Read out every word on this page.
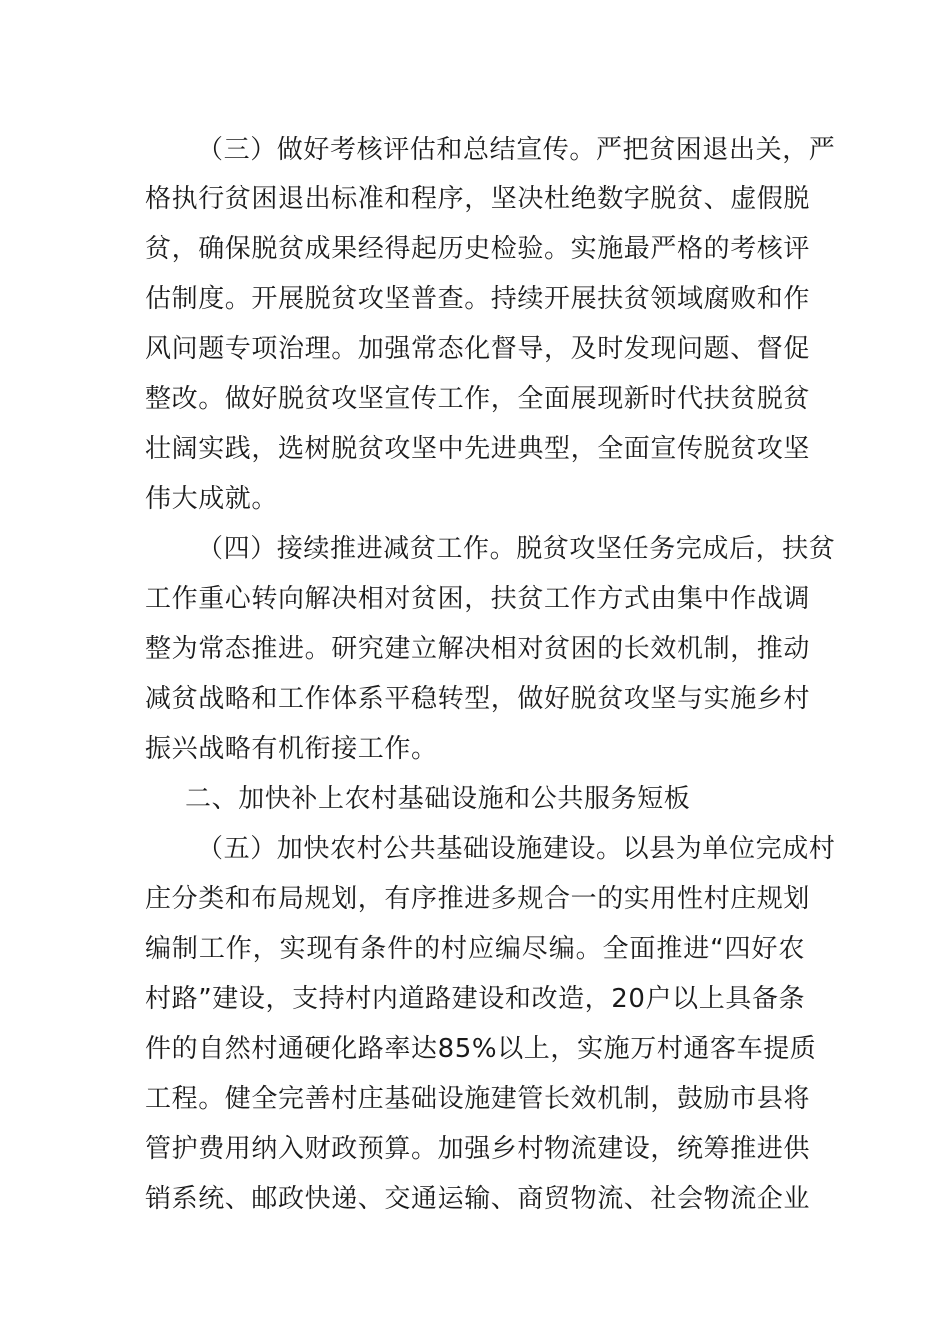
（三）做好考核评估和总结宣传。严把贫困退出关，严
格执行贫困退出标准和程序，坚决杜绝数字脱贫、虚假脱
贫，确保脱贫成果经得起历史检验。实施最严格的考核评
估制度。开展脱贫攻坚普查。持续开展扶贫领域腐败和作
风问题专项治理。加强常态化督导，及时发现问题、督促
整改。做好脱贫攻坚宣传工作，全面展现新时代扶贫脱贫
壮阔实践，选树脱贫攻坚中先进典型，全面宣传脱贫攻坚
伟大成就。
（四）接续推进减贫工作。脱贫攻坚任务完成后，扶贫
工作重心转向解决相对贫困，扶贫工作方式由集中作战调
整为常态推进。研究建立解决相对贫困的长效机制，推动
减贫战略和工作体系平稳转型，做好脱贫攻坚与实施乡村
振兴战略有机衔接工作。
二、加快补上农村基础设施和公共服务短板
（五）加快农村公共基础设施建设。以县为单位完成村
庄分类和布局规划，有序推进多规合一的实用性村庄规划
编制工作，实现有条件的村应编尽编。全面推进“四好农
村路”建设，支持村内道路建设和改造，20户以上具备条
件的自然村通硬化路率达85%以上，实施万村通客车提质
工程。健全完善村庄基础设施建管长效机制，鼓励市县将
管护费用纳入财政预算。加强乡村物流建设，统筹推进供
销系统、邮政快递、交通运输、商贸物流、社会物流企业
